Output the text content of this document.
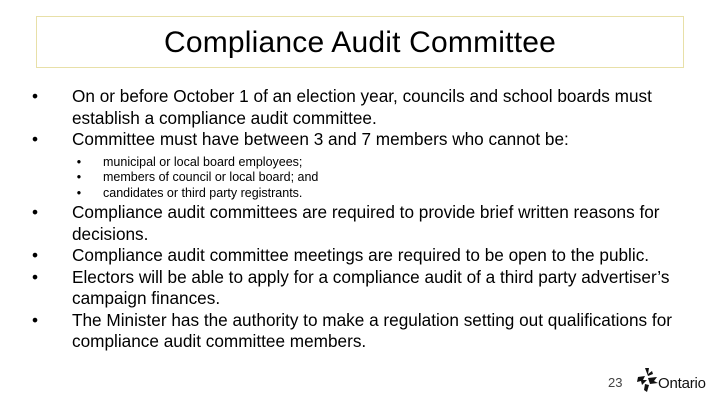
Compliance Audit Committee
• On or before October 1 of an election year, councils and school boards must establish a compliance audit committee.
• Committee must have between 3 and 7 members who cannot be:
• municipal or local board employees;
• members of council or local board; and
• candidates or third party registrants.
• Compliance audit committees are required to provide brief written reasons for decisions.
• Compliance audit committee meetings are required to be open to the public.
• Electors will be able to apply for a compliance audit of a third party advertiser’s campaign finances.
• The Minister has the authority to make a regulation setting out qualifications for compliance audit committee members.
23 Ontario
